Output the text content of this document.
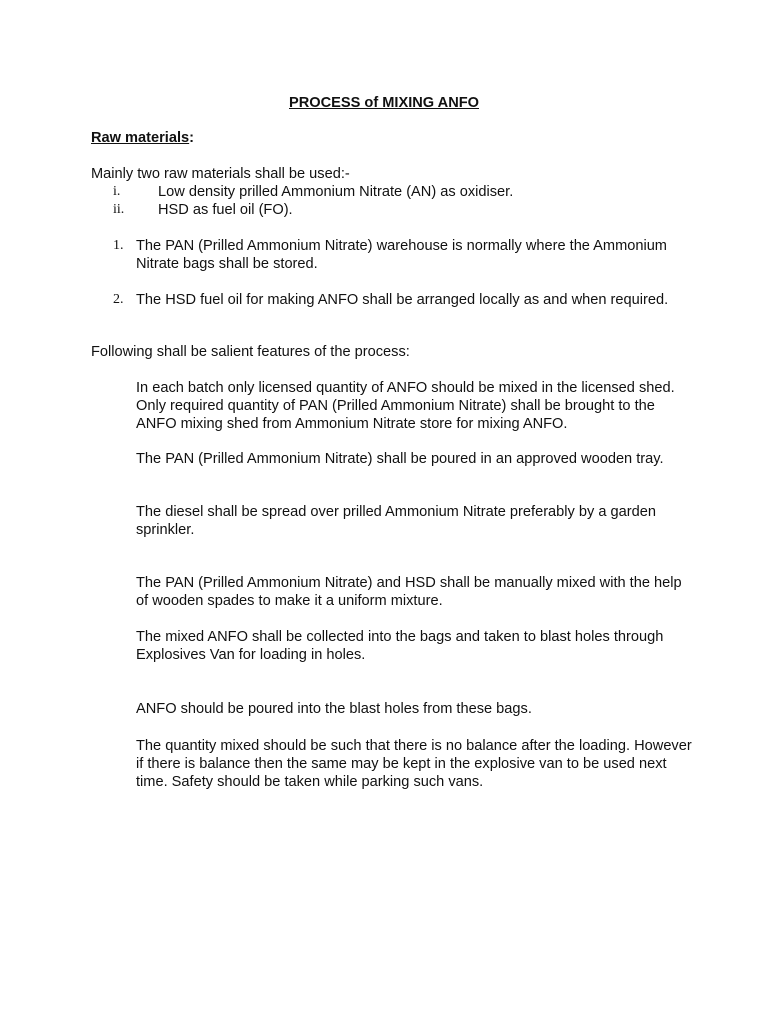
PROCESS of MIXING ANFO
Raw materials:

Mainly two raw materials shall be used:-

i.	Low density prilled Ammonium Nitrate (AN) as oxidiser.
ii. HSD as fuel oil (FO).
1. The PAN (Prilled Ammonium Nitrate) warehouse is normally where the Ammonium Nitrate bags shall be stored.
2. The HSD fuel oil for making ANFO shall be arranged locally as and when required.

Following shall be salient features of the process:

In each batch only licensed quantity of ANFO should be mixed in the licensed shed. Only required quantity of PAN (Prilled Ammonium Nitrate) shall be brought to the ANFO mixing shed from Ammonium Nitrate store for mixing ANFO.

The PAN (Prilled Ammonium Nitrate) shall be poured in an approved wooden tray.

The diesel shall be spread over prilled Ammonium Nitrate preferably by a garden sprinkler.

The PAN (Prilled Ammonium Nitrate) and HSD shall be manually mixed with the help of wooden spades to make it a uniform mixture.

The mixed ANFO shall be collected into the bags and taken to blast holes through Explosives Van for loading in holes.

ANFO should be poured into the blast holes from these bags.

The quantity mixed should be such that there is no balance after the loading. However if there is balance then the same may be kept in the explosive van to be used next time. Safety should be taken while parking such vans.
